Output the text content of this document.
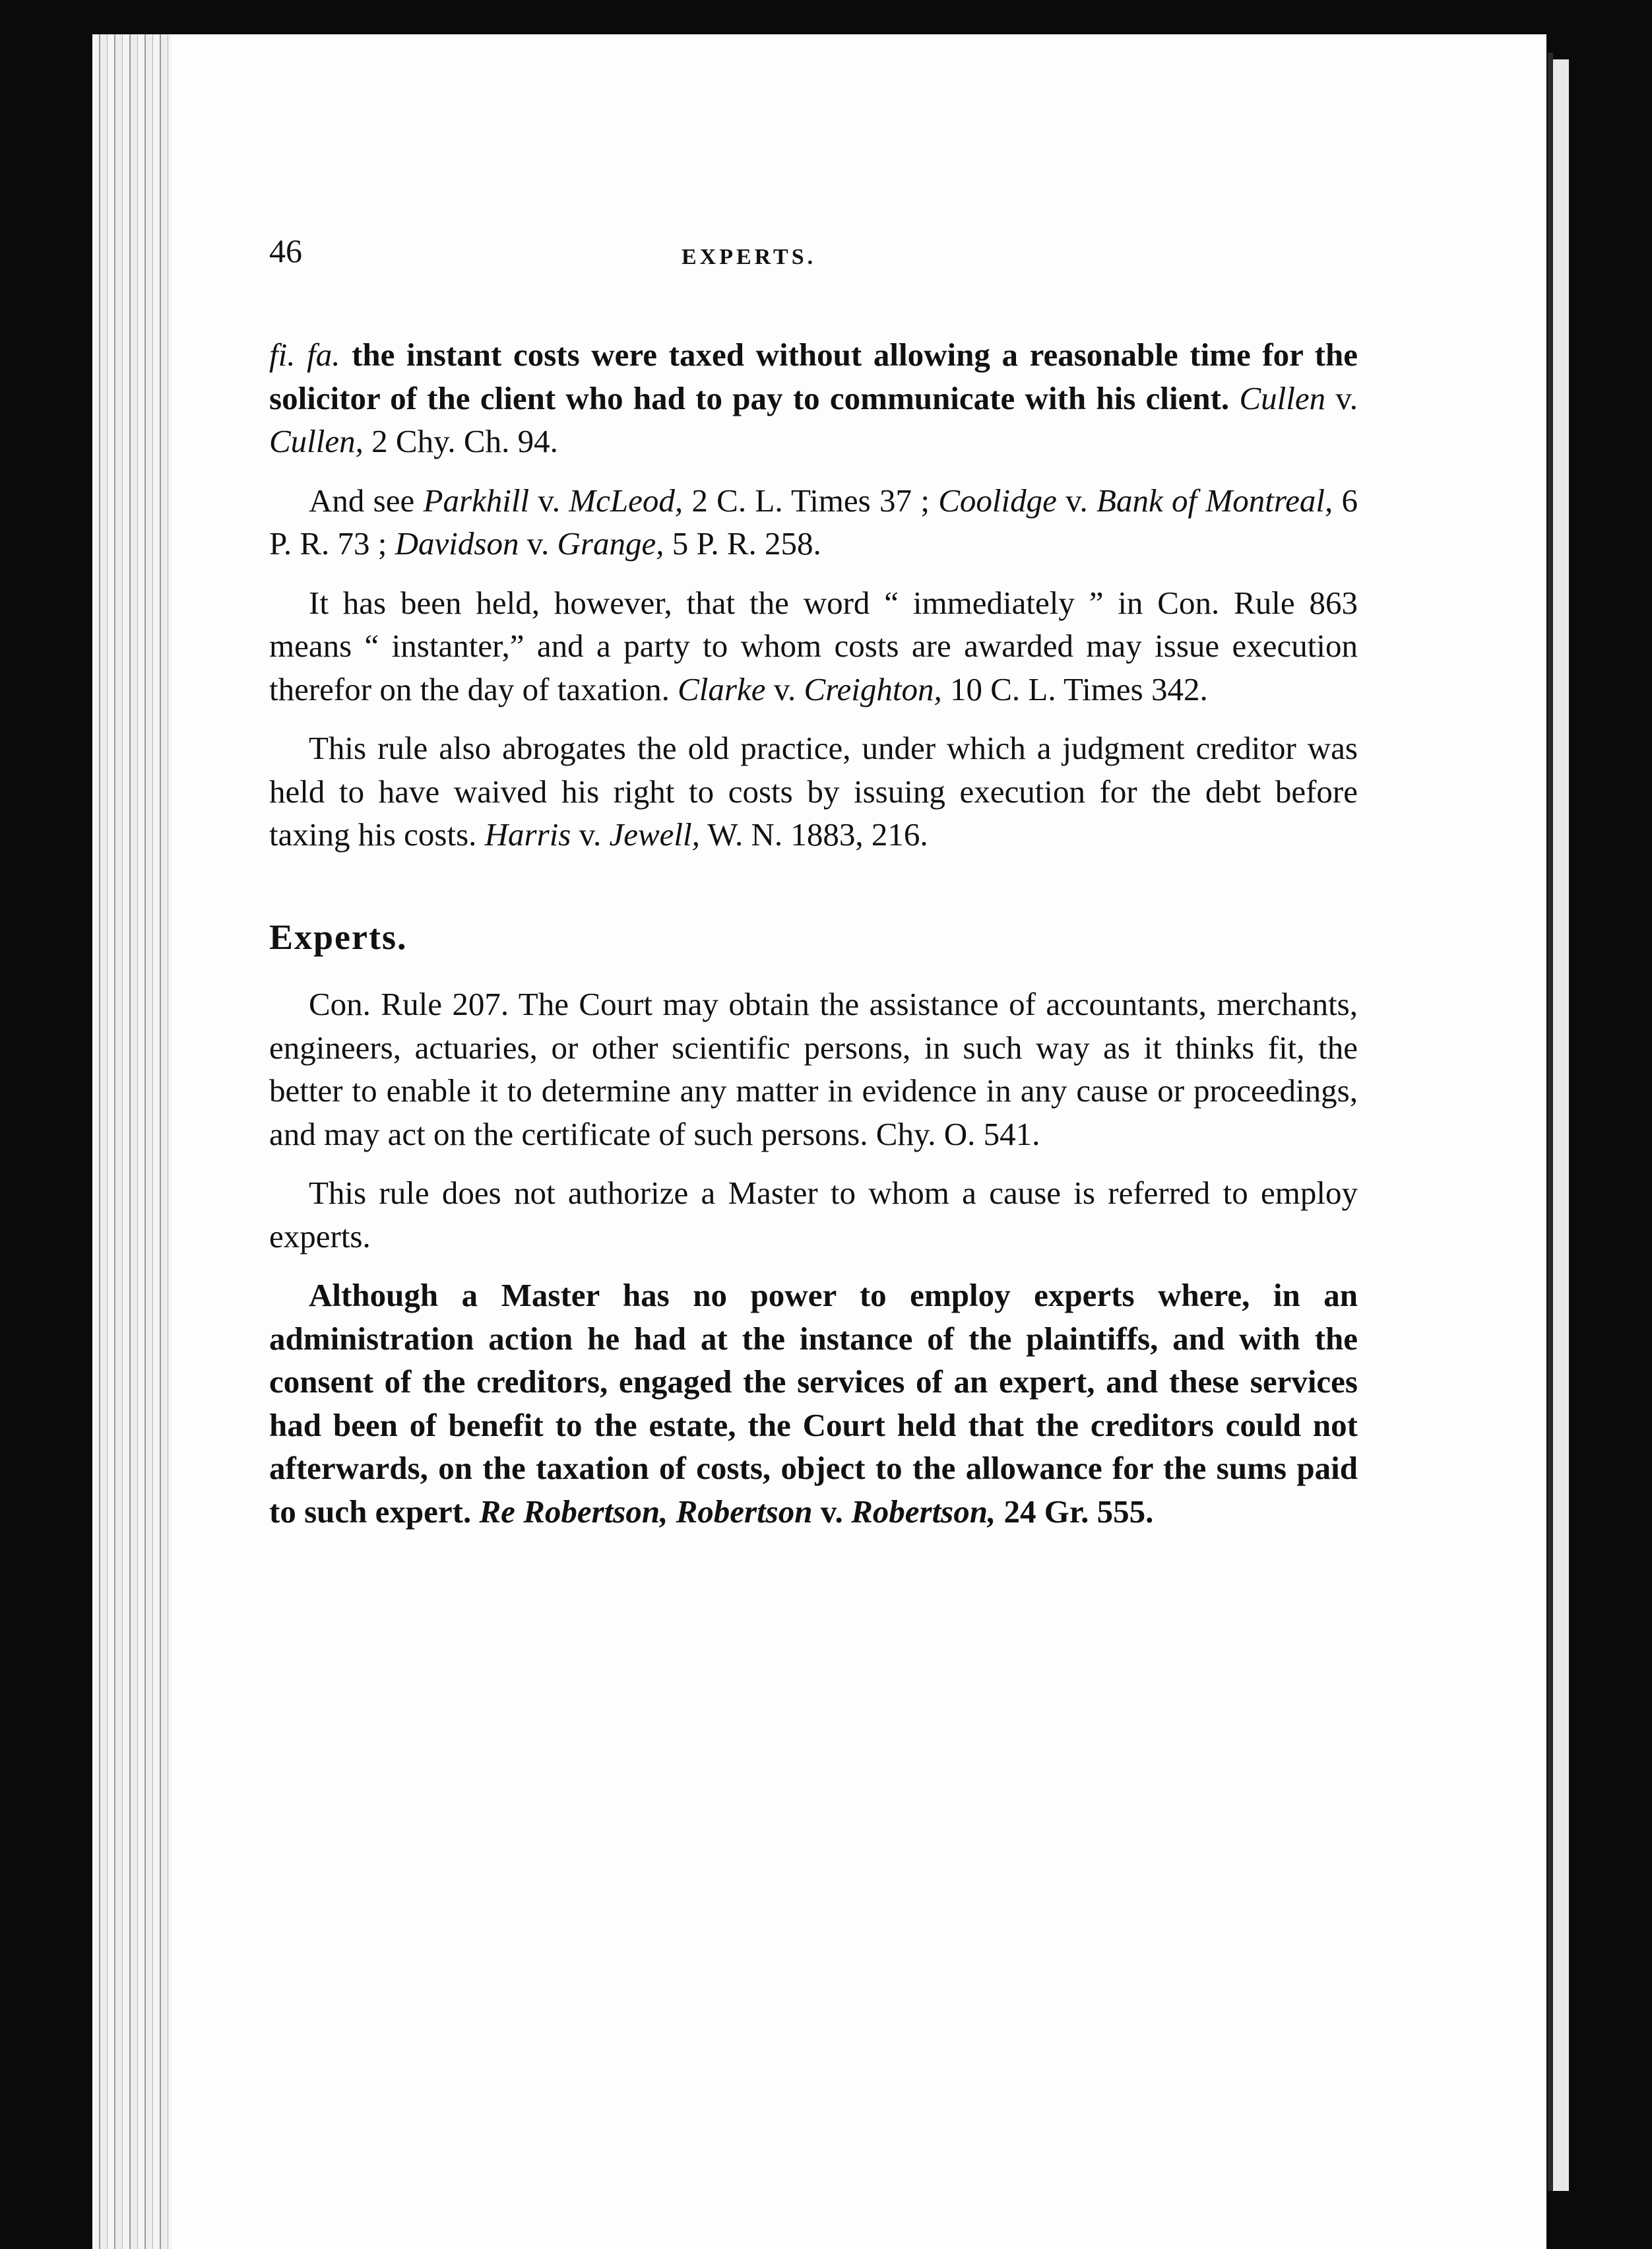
46	EXPERTS.

fi. fa. the instant costs were taxed without allowing a reasonable time for the solicitor of the client who had to pay to communicate with his client. Cullen v. Cullen, 2 Chy. Ch. 94.

And see Parkhill v. McLeod, 2 C. L. Times 37 ; Coolidge v. Bank of Montreal, 6 P. R. 73 ; Davidson v. Grange, 5 P. R. 258.

It has been held, however, that the word “ immediately ” in Con. Rule 863 means “ instanter,” and a party to whom costs are awarded may issue execution therefor on the day of taxation. Clarke v. Creighton, 10 C. L. Times 342.

This rule also abrogates the old practice, under which a judgment creditor was held to have waived his right to costs by issuing execution for the debt before taxing his costs. Harris v. Jewell, W. N. 1883, 216.

Experts.

Con. Rule 207. The Court may obtain the assistance of accountants, merchants, engineers, actuaries, or other scientific persons, in such way as it thinks fit, the better to enable it to determine any matter in evidence in any cause or proceedings, and may act on the certificate of such persons. Chy. O. 541.

This rule does not authorize a Master to whom a cause is referred to employ experts.

Although a Master has no power to employ experts where, in an administration action he had at the instance of the plaintiffs, and with the consent of the creditors, engaged the services of an expert, and these services had been of benefit to the estate, the Court held that the creditors could not afterwards, on the taxation of costs, object to the allowance for the sums paid to such expert. Re Robertson, Robertson v. Robertson, 24 Gr. 555.
